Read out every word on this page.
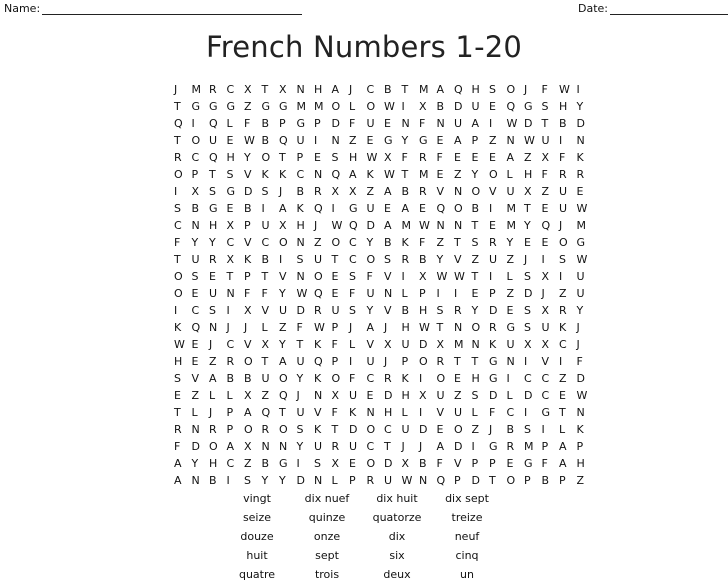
Name:	Date:
French Numbers 1-20
J	M R C X T X N H A J	C B T M A Q H S O J	F	W I
T G G G Z G G M M O L	O W I	X B D U E Q G S H Y
Q I	Q L	F	B P G P D F	U E N F	N U A I	W D T B D
T O U E W B Q U I	N Z E G Y G E A P Z N W U I	N
R C Q H Y O T P E S H W X F	R F	E E E A Z X F	K
O P T S V K K C N Q A K W T M E Z Y O L	H F	R R
I	X S G D S J	B R X X Z A B R V N O V U X Z U E
S B G E B I	A K Q I	G U E A E Q O B I	M T E U W
C N H X P U X H J	W Q D A M W N N T E M Y Q J	M
F	Y Y C V C O N Z O C Y B K F	Z T S R Y E E O G
T U R X K B I	S U T C O S R B Y V Z U Z J	I	S W
O S E T P T V N O E S F	V I	X W W T I	L	S X I	U
O E U N F	F	Y W Q E F	U N L	P I	I	E P Z D J	Z U
I	C S I	X V U D R U S Y V B H S R Y D E S X R Y
K Q N J	J	L	Z F	W P J	A J	H W T N O R G S U K J
W E J	C V X Y T K F	L	V X U D X M N K U X X C J
H E Z R O T A U Q P I	U J	P O R T T G N I	V I	F
S V A B B U O Y K O F	C R K I	O E H G I	C C Z D
E Z L	L	X Z Q J	N X U E D H X U Z S D L	D C E W
T L	J	P A Q T U V F	K N H L	I	V U L	F	C I	G T N
R N R P O R O S K T D O C U D E O Z J	B S I	L	K
F	D O A X N N Y U R U C T J	J	A D I	G R M P A P
A Y H C Z B G I	S X E O D X B F	V P P E G F	A H
A N B I	S Y Y D N L	P R U W N Q P D T O P B P Z
vingt	dix nuef	dix huit	dix sept
seize	quinze	quatorze	treize
douze	onze	dix	neuf
huit	sept	six	cinq
quatre	trois	deux	un
